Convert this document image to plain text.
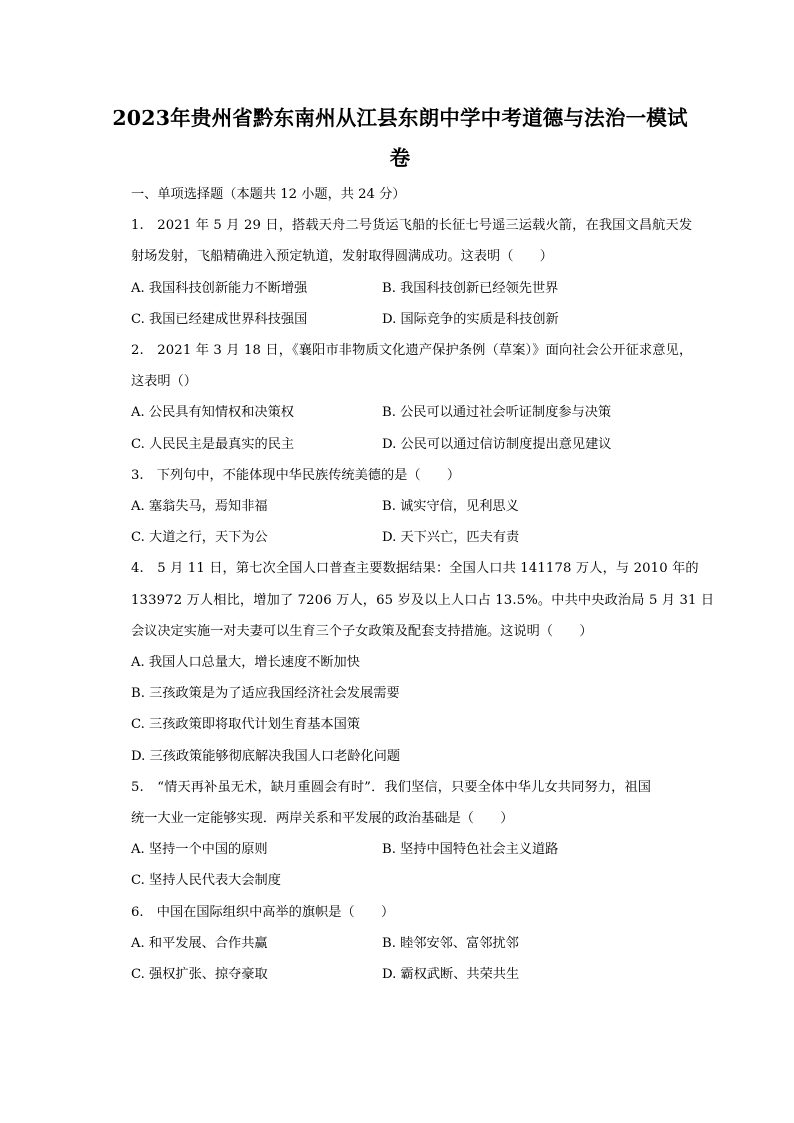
2023年贵州省黔东南州从江县东朗中学中考道德与法治一模试
卷
一、单项选择题（本题共 12 小题，共 24 分）
1.　2021 年 5 月 29 日，搭载天舟二号货运飞船的长征七号遥三运载火箭，在我国文昌航天发
射场发射，飞船精确进入预定轨道，发射取得圆满成功。这表明（　　）
A. 我国科技创新能力不断增强	B. 我国科技创新已经领先世界
C. 我国已经建成世界科技强国	D. 国际竞争的实质是科技创新
2.　2021 年 3 月 18 日，《襄阳市非物质文化遗产保护条例（草案）》面向社会公开征求意见，
这表明（）
A. 公民具有知情权和决策权	B. 公民可以通过社会听证制度参与决策
C. 人民民主是最真实的民主	D. 公民可以通过信访制度提出意见建议
3.　下列句中，不能体现中华民族传统美德的是（　　）
A. 塞翁失马，焉知非福	B. 诚实守信，见利思义
C. 大道之行，天下为公	D. 天下兴亡，匹夫有责
4.　5 月 11 日，第七次全国人口普查主要数据结果：全国人口共 141178 万人，与 2010 年的
133972 万人相比，增加了 7206 万人，65 岁及以上人口占 13.5%。中共中央政治局 5 月 31 日
会议决定实施一对夫妻可以生育三个子女政策及配套支持措施。这说明（　　）
A. 我国人口总量大，增长速度不断加快
B. 三孩政策是为了适应我国经济社会发展需要
C. 三孩政策即将取代计划生育基本国策
D. 三孩政策能够彻底解决我国人口老龄化问题
5.　“情天再补虽无术，缺月重圆会有时”．我们坚信，只要全体中华儿女共同努力，祖国
统一大业一定能够实现．两岸关系和平发展的政治基础是（　　）
A. 坚持一个中国的原则	B. 坚持中国特色社会主义道路
C. 坚持人民代表大会制度
6.　中国在国际组织中高举的旗帜是（　　）
A. 和平发展、合作共赢	B. 睦邻安邻、富邻扰邻
C. 强权扩张、掠夺豪取	D. 霸权武断、共荣共生
